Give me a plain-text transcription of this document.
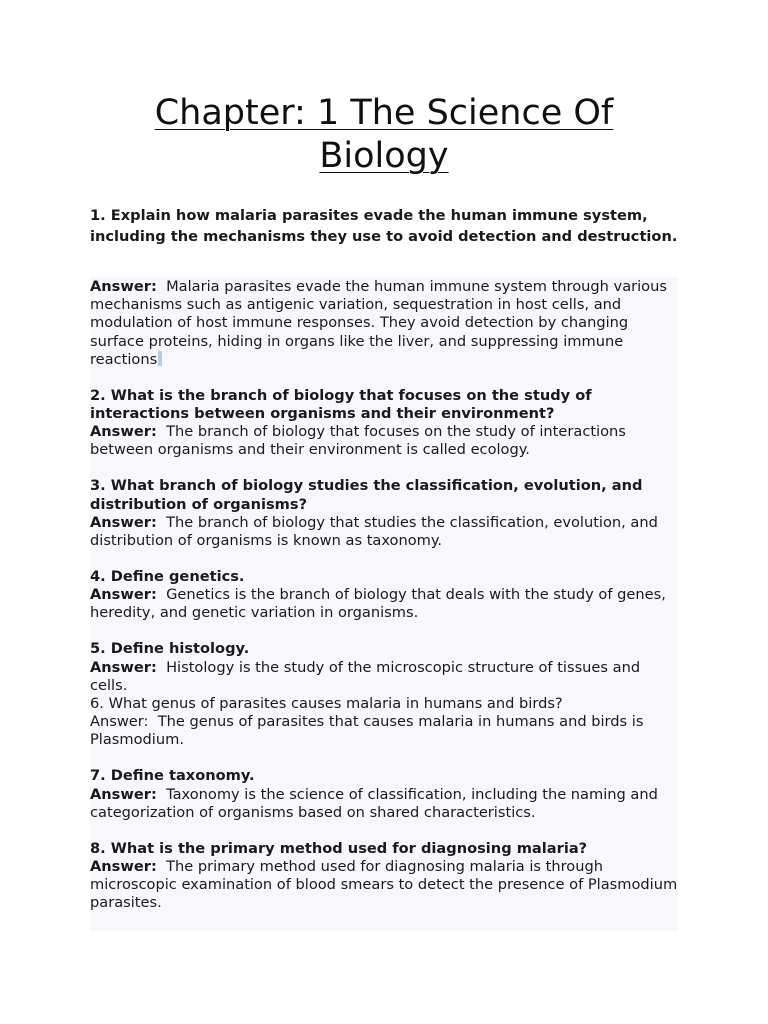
Chapter: 1 The Science Of Biology

1. Explain how malaria parasites evade the human immune system, including the mechanisms they use to avoid detection and destruction.

Answer: Malaria parasites evade the human immune system through various mechanisms such as antigenic variation, sequestration in host cells, and modulation of host immune responses. They avoid detection by changing surface proteins, hiding in organs like the liver, and suppressing immune reactions

2. What is the branch of biology that focuses on the study of interactions between organisms and their environment?

Answer: The branch of biology that focuses on the study of interactions between organisms and their environment is called ecology.

3. What branch of biology studies the classification, evolution, and distribution of organisms?

Answer: The branch of biology that studies the classification, evolution, and distribution of organisms is known as taxonomy.

4. Define genetics.

Answer: Genetics is the branch of biology that deals with the study of genes, heredity, and genetic variation in organisms.

5. Define histology.

Answer: Histology is the study of the microscopic structure of tissues and cells.

6. What genus of parasites causes malaria in humans and birds?

Answer: The genus of parasites that causes malaria in humans and birds is Plasmodium.

7. Define taxonomy.

Answer: Taxonomy is the science of classification, including the naming and categorization of organisms based on shared characteristics.

8. What is the primary method used for diagnosing malaria?

Answer: The primary method used for diagnosing malaria is through microscopic examination of blood smears to detect the presence of Plasmodium parasites.
